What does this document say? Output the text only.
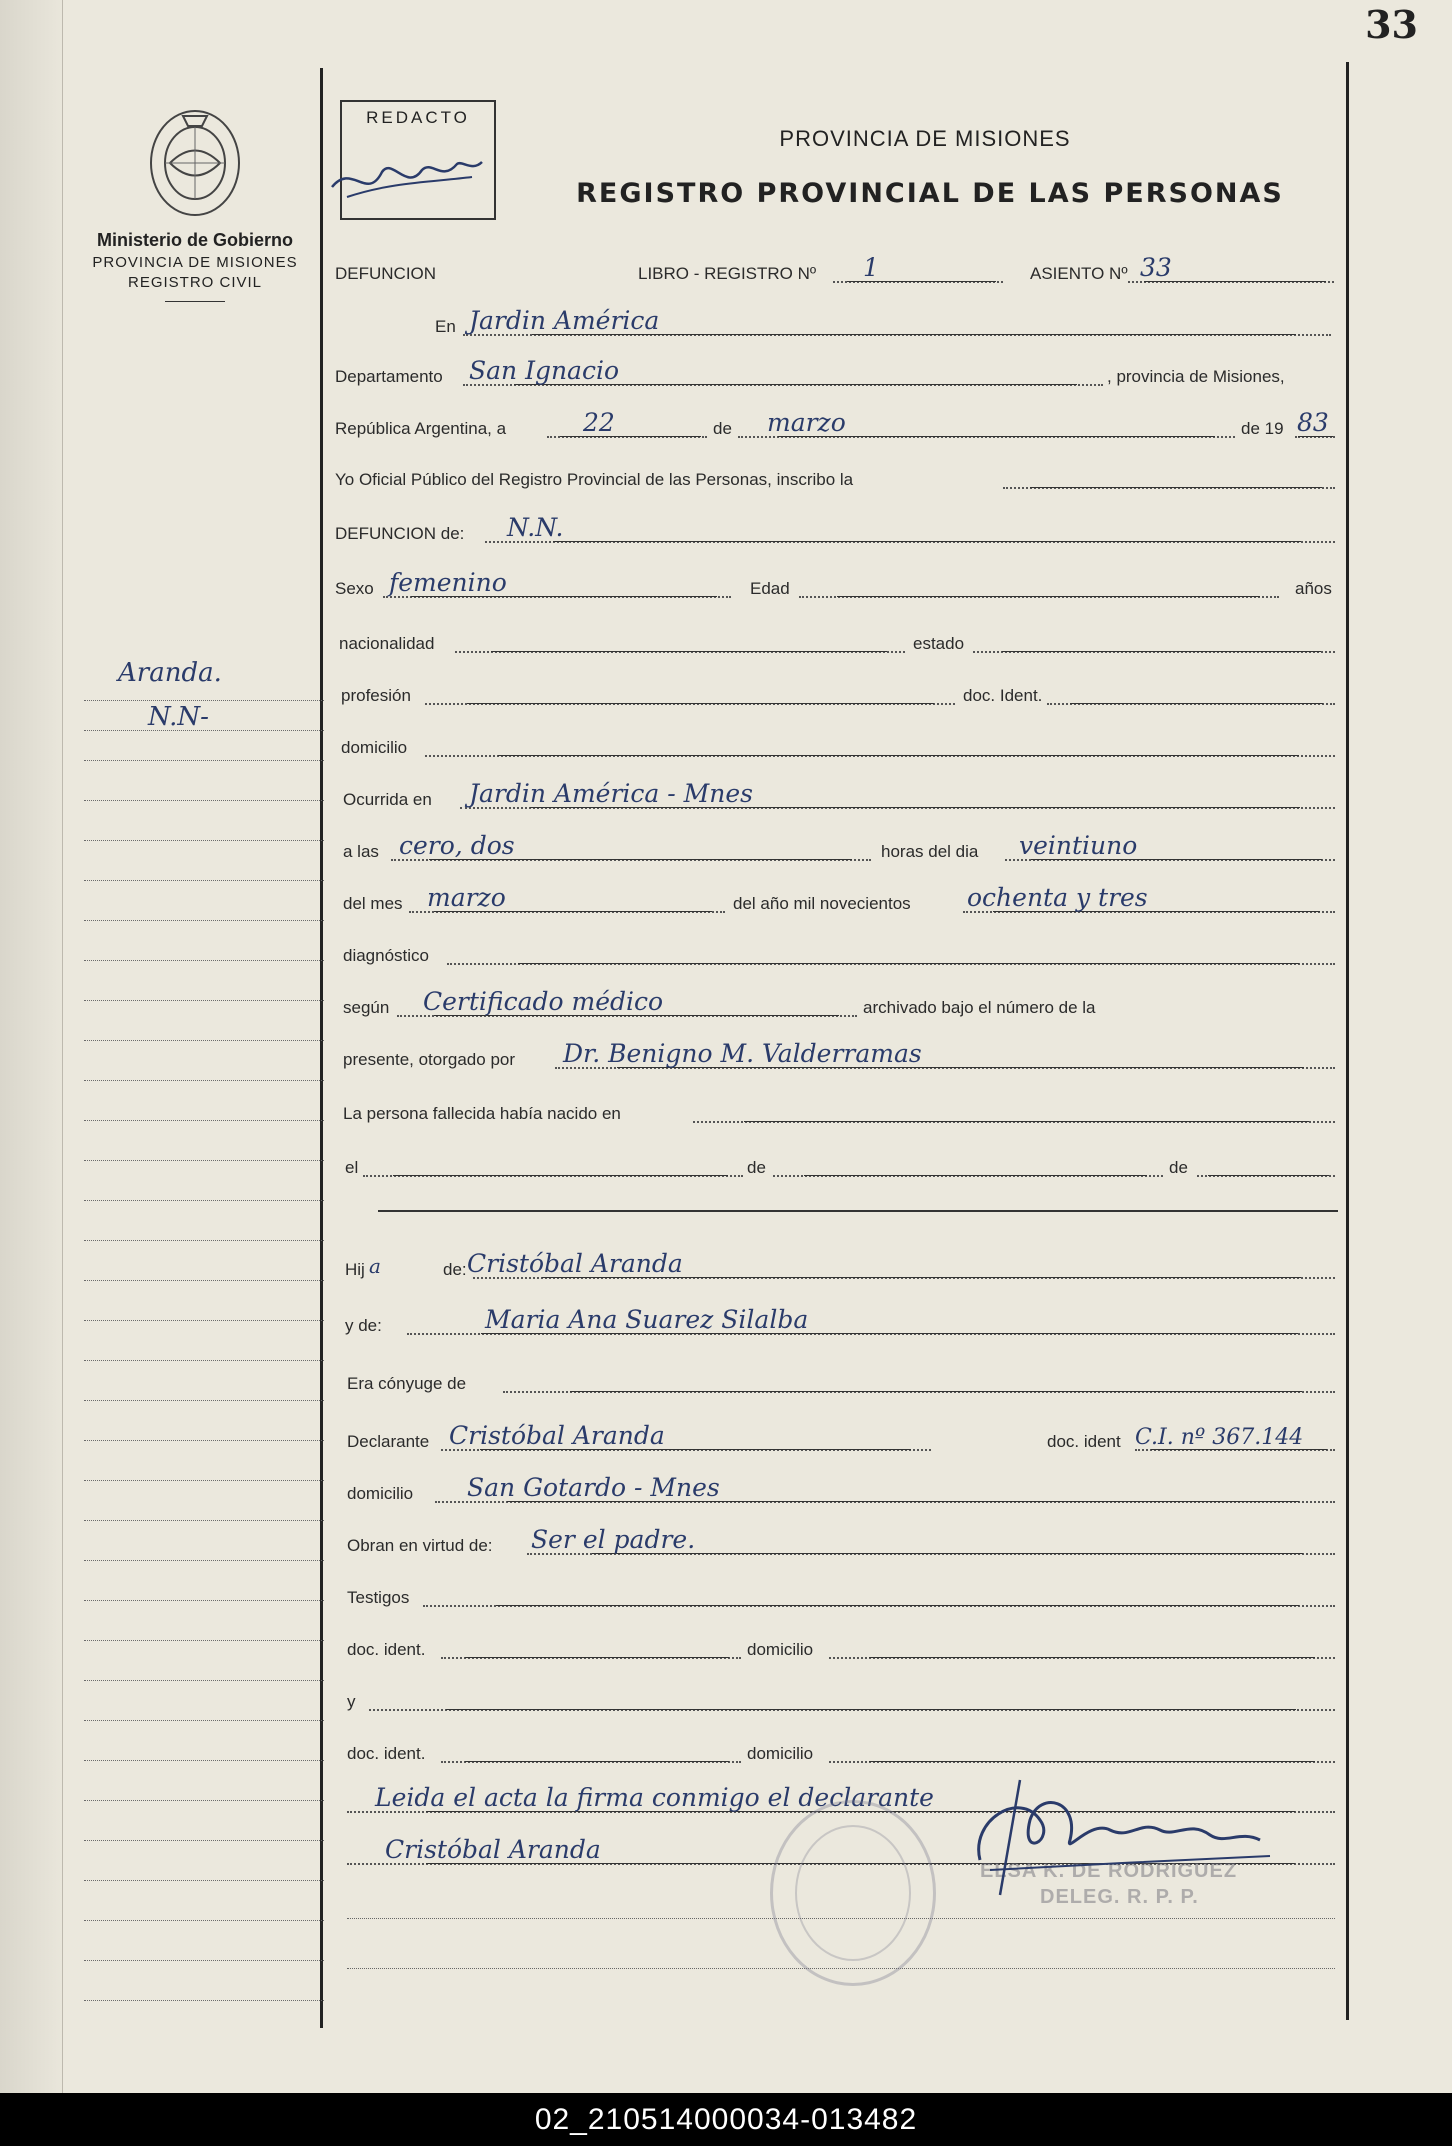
33
Ministerio de Gobierno
PROVINCIA DE MISIONES
REGISTRO CIVIL
REDACTO
PROVINCIA DE MISIONES
REGISTRO PROVINCIAL DE LAS PERSONAS
Aranda.
N.N-
DEFUNCION	LIBRO - REGISTRO Nº 1	ASIENTO Nº 33
En Jardin América
Departamento San Ignacio	, provincia de Misiones,
República Argentina, a	22	de marzo	de 19 83
Yo Oficial Público del Registro Provincial de las Personas, inscribo la
DEFUNCION de: N.N.
Sexo femenino	Edad	años
nacionalidad	estado
profesión	doc. Ident.
domicilio
Ocurrida en Jardin América - Mnes
a las cero, dos	horas del dia veintiuno
del mes marzo	del año mil novecientos ochenta y tres
diagnóstico
según Certificado médico	archivado bajo el número de la
presente, otorgado por Dr. Benigno M. Valderramas
La persona fallecida había nacido en
el	de	de
Hij a	de: Cristóbal Aranda
y de:	Maria Ana Suarez Silalba
Era cónyuge de
Declarante Cristóbal Aranda	doc. ident C.I. nº 367.144
domicilio San Gotardo - Mnes
Obran en virtud de: Ser el padre.
Testigos
doc. ident.	domicilio
y
doc. ident.	domicilio
Leida el acta la firma conmigo el declarante
Cristóbal Aranda
ELSA K. DE RODRIGUEZ
DELEG. R. P. P.
02_210514000034-013482
